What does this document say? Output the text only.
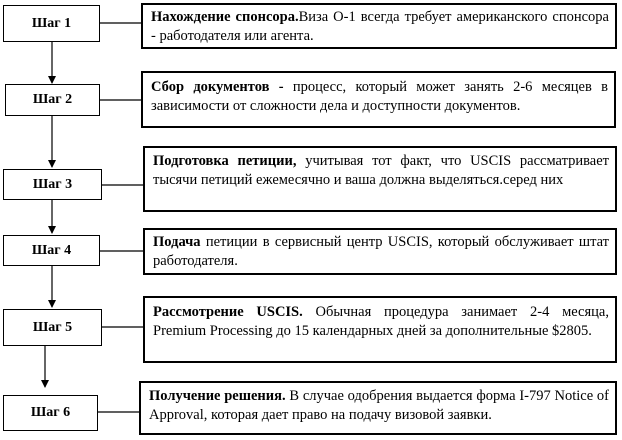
Шаг 1	Нахождение спонсора.Виза О-1 всегда требует американского спонсора - работодателя или агента.
Шаг 2
Сбор документов - процесс, который может занять 2-6 месяцев в зависимости от сложности дела и доступности документов.
Шаг 3
Подготовка петиции, учитывая тот факт, что USCIS рассматривает тысячи петиций ежемесячно и ваша должна выделяться.серед них
Шаг 4	Подача петиции в сервисный центр USCIS, который обслуживает штат работодателя.
Шаг 5
Рассмотрение USCIS. Обычная процедура занимает 2-4 месяца, Premium Processing до 15 календарных дней за дополнительные $2805.
Шаг 6
Получение решения. В случае одобрения выдается форма I-797 Notice of Approval, которая дает право на подачу визовой заявки.
